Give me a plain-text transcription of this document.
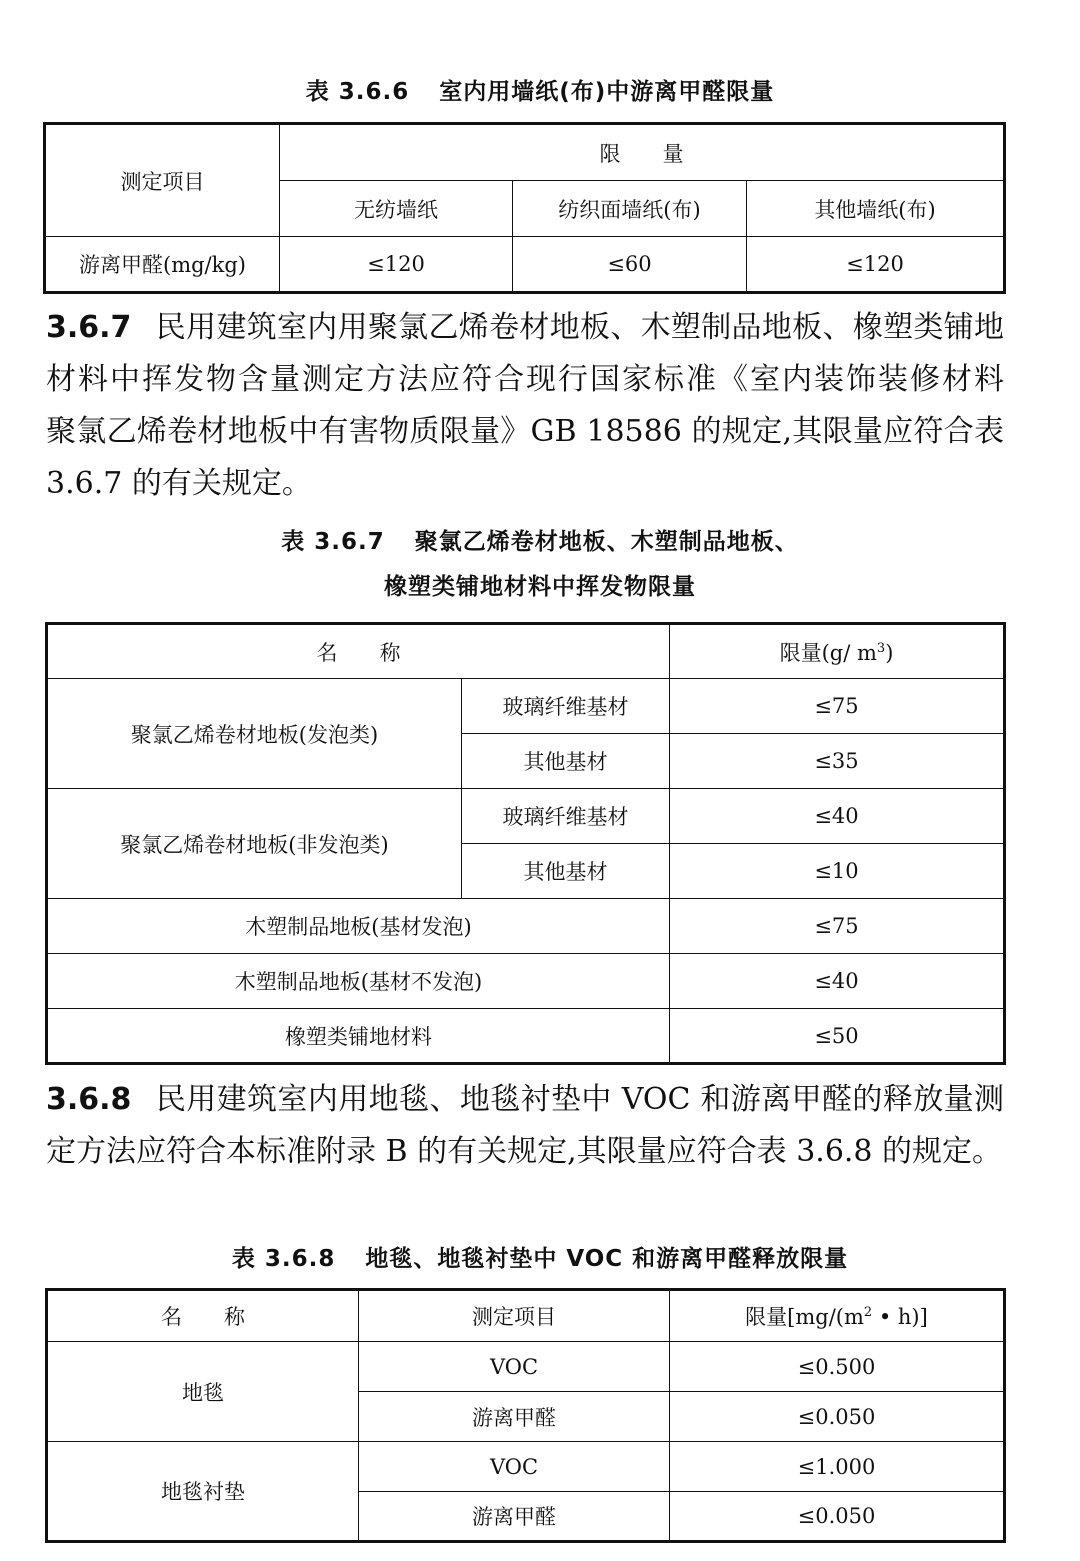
表 3.6.6 室内用墙纸(布)中游离甲醛限量
测定项目	限　　量		
	无纺墙纸	纺织面墙纸(布)	其他墙纸(布)
游离甲醛(mg/kg)	≤120	≤60	≤120
3.6.7 民用建筑室内用聚氯乙烯卷材地板、木塑制品地板、橡塑类铺地材料中挥发物含量测定方法应符合现行国家标准《室内装饰装修材料　聚氯乙烯卷材地板中有害物质限量》GB 18586 的规定,其限量应符合表 3.6.7 的有关规定。
表 3.6.7 聚氯乙烯卷材地板、木塑制品地板、
橡塑类铺地材料中挥发物限量
名　　称		限量(g/ $m^3$)
聚氯乙烯卷材地板(发泡类)	玻璃纤维基材	≤75
	其他基材	≤35
聚氯乙烯卷材地板(非发泡类)	玻璃纤维基材	≤40
	其他基材	≤10
木塑制品地板(基材发泡)		≤75
木塑制品地板(基材不发泡)		≤40
橡塑类铺地材料		≤50
3.6.8 民用建筑室内用地毯、地毯衬垫中 VOC 和游离甲醛的释放量测定方法应符合本标准附录 B 的有关规定,其限量应符合表 3.6.8 的规定。
表 3.6.8 地毯、地毯衬垫中 VOC 和游离甲醛释放限量
名　　称	测定项目	限量[$mg/(m^2$ • h)]
地毯	VOC	≤0.500
	游离甲醛	≤0.050
地毯衬垫	VOC	≤1.000
	游离甲醛	≤0.050
